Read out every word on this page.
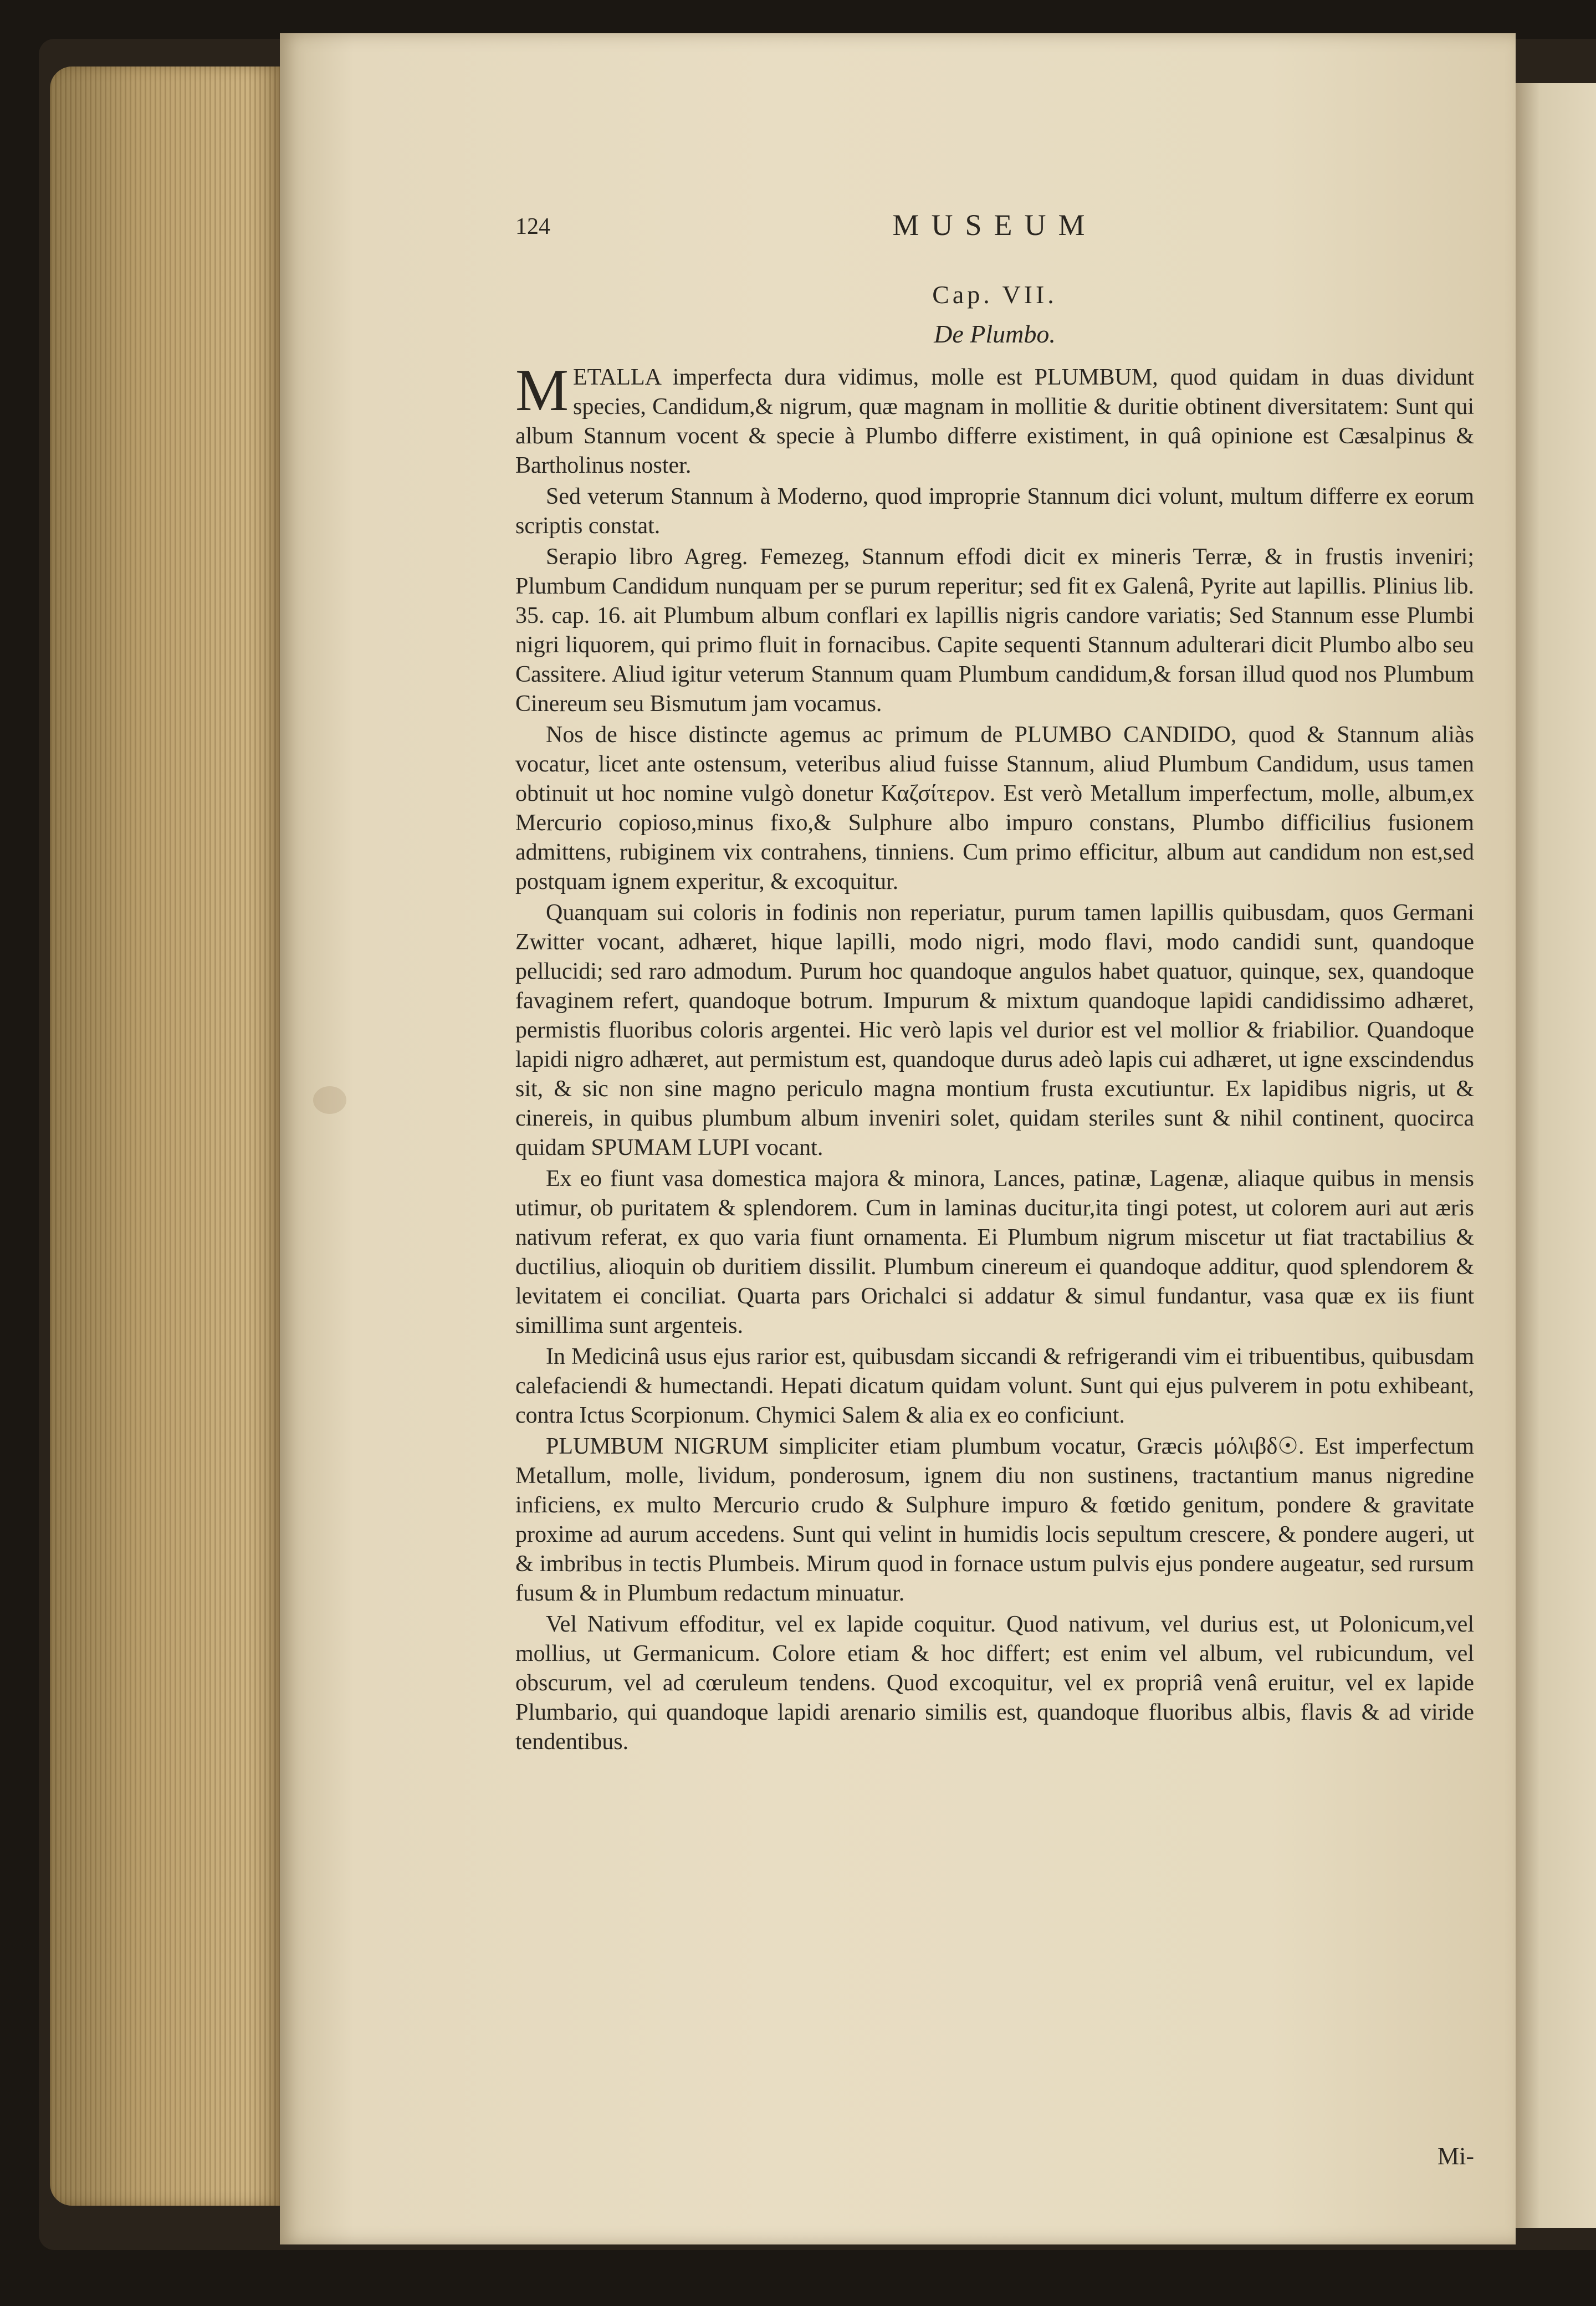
124	MUSEUM
Cap. VII.
De Plumbo.

METALLA imperfecta dura vidimus, molle est PLUMBUM, quod quidam in duas dividunt species, Candidum,& nigrum, quæ magnam in mollitie & duritie obtinent diversitatem: Sunt qui album Stannum vocent & specie à Plumbo differre existiment, in quâ opinione est Cæsalpinus & Bartholinus noster.

Sed veterum Stannum à Moderno, quod improprie Stannum dici volunt, multum differre ex eorum scriptis constat.

Serapio libro Agreg. Femezeg, Stannum effodi dicit ex mineris Terræ, & in frustis inveniri; Plumbum Candidum nunquam per se purum reperitur; sed fit ex Galenâ, Pyrite aut lapillis. Plinius lib. 35. cap. 16. ait Plumbum album conflari ex lapillis nigris candore variatis; Sed Stannum esse Plumbi nigri liquorem, qui primo fluit in fornacibus. Capite sequenti Stannum adulterari dicit Plumbo albo seu Cassitere. Aliud igitur veterum Stannum quam Plumbum candidum,& forsan illud quod nos Plumbum Cinereum seu Bismutum jam vocamus.

Nos de hisce distincte agemus ac primum de PLUMBO CANDIDO, quod & Stannum aliàs vocatur, licet ante ostensum, veteribus aliud fuisse Stannum, aliud Plumbum Candidum, usus tamen obtinuit ut hoc nomine vulgò donetur Καζσίτερον. Est verò Metallum imperfectum, molle, album,ex Mercurio copioso,minus fixo,& Sulphure albo impuro constans, Plumbo difficilius fusionem admittens, rubiginem vix contrahens, tinniens. Cum primo efficitur, album aut candidum non est,sed postquam ignem experitur, & excoquitur.

Quanquam sui coloris in fodinis non reperiatur, purum tamen lapillis quibusdam, quos Germani Zwitter vocant, adhæret, hique lapilli, modo nigri, modo flavi, modo candidi sunt, quandoque pellucidi; sed raro admodum. Purum hoc quandoque angulos habet quatuor, quinque, sex, quandoque favaginem refert, quandoque botrum. Impurum & mixtum quandoque lapidi candidissimo adhæret, permistis fluoribus coloris argentei. Hic verò lapis vel durior est vel mollior & friabilior. Quandoque lapidi nigro adhæret, aut permistum est, quandoque durus adeò lapis cui adhæret, ut igne exscindendus sit, & sic non sine magno periculo magna montium frusta excutiuntur. Ex lapidibus nigris, ut & cinereis, in quibus plumbum album inveniri solet, quidam steriles sunt & nihil continent, quocirca quidam SPUMAM LUPI vocant.

Ex eo fiunt vasa domestica majora & minora, Lances, patinæ, Lagenæ, aliaque quibus in mensis utimur, ob puritatem & splendorem. Cum in laminas ducitur,ita tingi potest, ut colorem auri aut æris nativum referat, ex quo varia fiunt ornamenta. Ei Plumbum nigrum miscetur ut fiat tractabilius & ductilius, alioquin ob duritiem dissilit. Plumbum cinereum ei quandoque additur, quod splendorem & levitatem ei conciliat. Quarta pars Orichalci si addatur & simul fundantur, vasa quæ ex iis fiunt simillima sunt argenteis.

In Medicinâ usus ejus rarior est, quibusdam siccandi & refrigerandi vim ei tribuentibus, quibusdam calefaciendi & humectandi. Hepati dicatum quidam volunt. Sunt qui ejus pulverem in potu exhibeant, contra Ictus Scorpionum. Chymici Salem & alia ex eo conficiunt.

PLUMBUM NIGRUM simpliciter etiam plumbum vocatur, Græcis μόλιβδ☉. Est imperfectum Metallum, molle, lividum, ponderosum, ignem diu non sustinens, tractantium manus nigredine inficiens, ex multo Mercurio crudo & Sulphure impuro & fœtido genitum, pondere & gravitate proxime ad aurum accedens. Sunt qui velint in humidis locis sepultum crescere, & pondere augeri, ut & imbribus in tectis Plumbeis. Mirum quod in fornace ustum pulvis ejus pondere augeatur, sed rursum fusum & in Plumbum redactum minuatur.

Vel Nativum effoditur, vel ex lapide coquitur. Quod nativum, vel durius est, ut Polonicum,vel mollius, ut Germanicum. Colore etiam & hoc differt; est enim vel album, vel rubicundum, vel obscurum, vel ad cœruleum tendens. Quod excoquitur, vel ex propriâ venâ eruitur, vel ex lapide Plumbario, qui quandoque lapidi arenario similis est, quandoque fluoribus albis, flavis & ad viride tendentibus.

Mi-
